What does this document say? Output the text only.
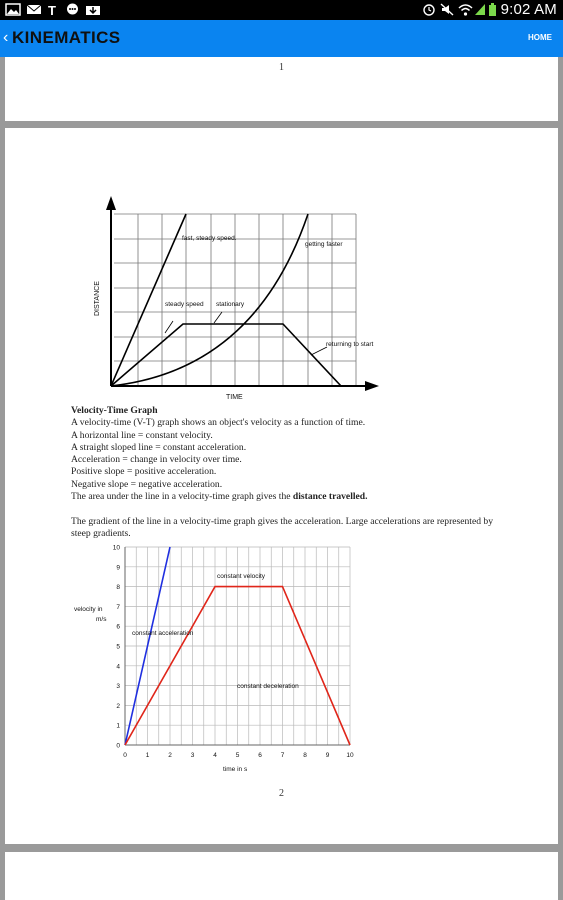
T	9:02 AM
‹ KINEMATICS	HOME
1
fast, steady speed.
getting faster
steady speed stationary
returning to start
TIME
DISTANCE
Velocity-Time Graph
A velocity-time (V-T) graph shows an object's velocity as a function of time.
A horizontal line = constant velocity.
A straight sloped line = constant acceleration.
Acceleration = change in velocity over time.
Positive slope = positive acceleration.
Negative slope = negative acceleration.
The area under the line in a velocity-time graph gives the distance travelled.
The gradient of the line in a velocity-time graph gives the acceleration. Large accelerations are represented by steep gradients.
0	1	2	3	4	5	6	7	8	9	10
0
1
2
3
4
5
6
7
8
9
10
constant velocity
constant acceleration
constant deceleration
velocity in
m/s
time in s
2
